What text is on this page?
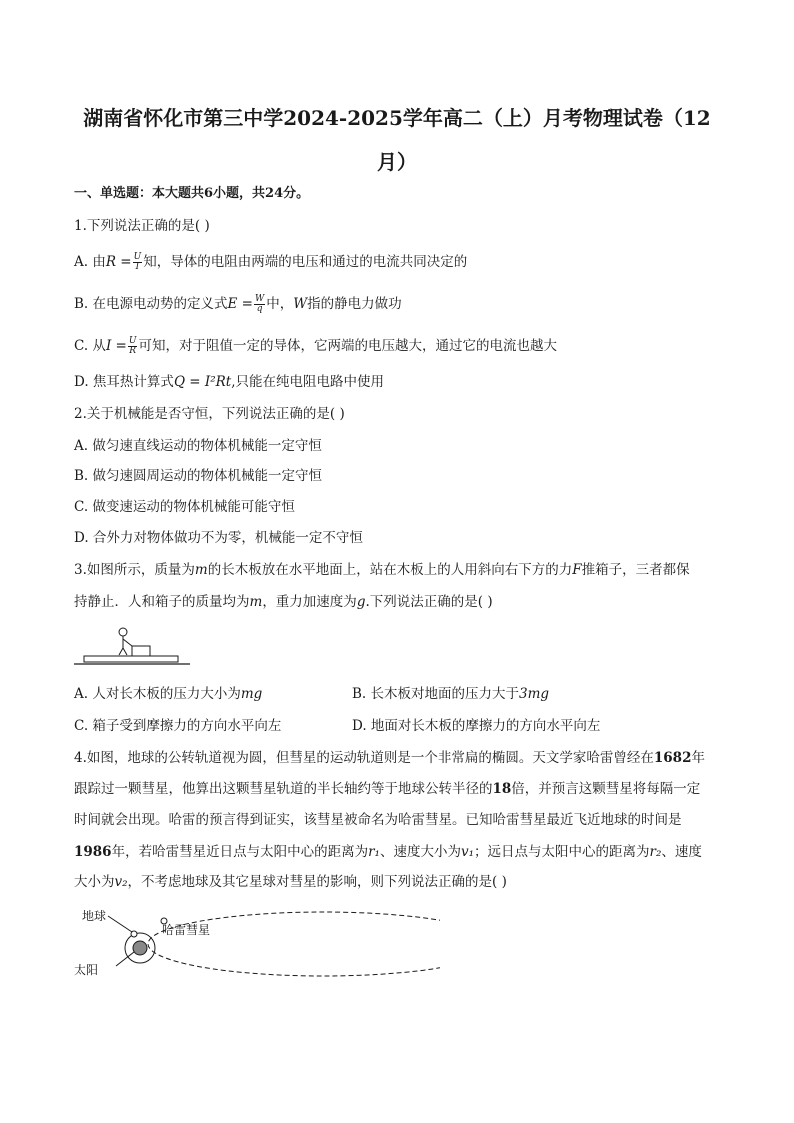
湖南省怀化市第三中学2024-2025学年高二（上）月考物理试卷（12
月）
一、单选题：本大题共6小题，共24分。
1.下列说法正确的是( )
A. 由$R = \frac{U}{I}$ 知，导体的电阻由两端的电压和通过的电流共同决定的
B. 在电源电动势的定义式$E = \frac{W}{q}$ 中，W指的静电力做功
C. 从$I = \frac{U}{R}$ 可知，对于阻值一定的导体，它两端的电压越大，通过它的电流也越大
D. 焦耳热计算式Q = I²Rt,只能在纯电阻电路中使用
2.关于机械能是否守恒，下列说法正确的是( )
A. 做匀速直线运动的物体机械能一定守恒
B. 做匀速圆周运动的物体机械能一定守恒
C. 做变速运动的物体机械能可能守恒
D. 合外力对物体做功不为零，机械能一定不守恒
3.如图所示，质量为m的长木板放在水平地面上，站在木板上的人用斜向右下方的力F推箱子，三者都保
持静止．人和箱子的质量均为m，重力加速度为g.下列说法正确的是( )
A. 人对长木板的压力大小为mg	B. 长木板对地面的压力大于3mg
C. 箱子受到摩擦力的方向水平向左	D. 地面对长木板的摩擦力的方向水平向左
4.如图，地球的公转轨道视为圆，但彗星的运动轨道则是一个非常扁的椭圆。天文学家哈雷曾经在1682年
跟踪过一颗彗星，他算出这颗彗星轨道的半长轴约等于地球公转半径的18倍，并预言这颗彗星将每隔一定
时间就会出现。哈雷的预言得到证实，该彗星被命名为哈雷彗星。已知哈雷彗星最近飞近地球的时间是
1986年，若哈雷彗星近日点与太阳中心的距离为r₁、速度大小为v₁；远日点与太阳中心的距离为r₂、速度
大小为v₂，不考虑地球及其它星球对彗星的影响，则下列说法正确的是( )
地球
哈雷彗星
太阳
